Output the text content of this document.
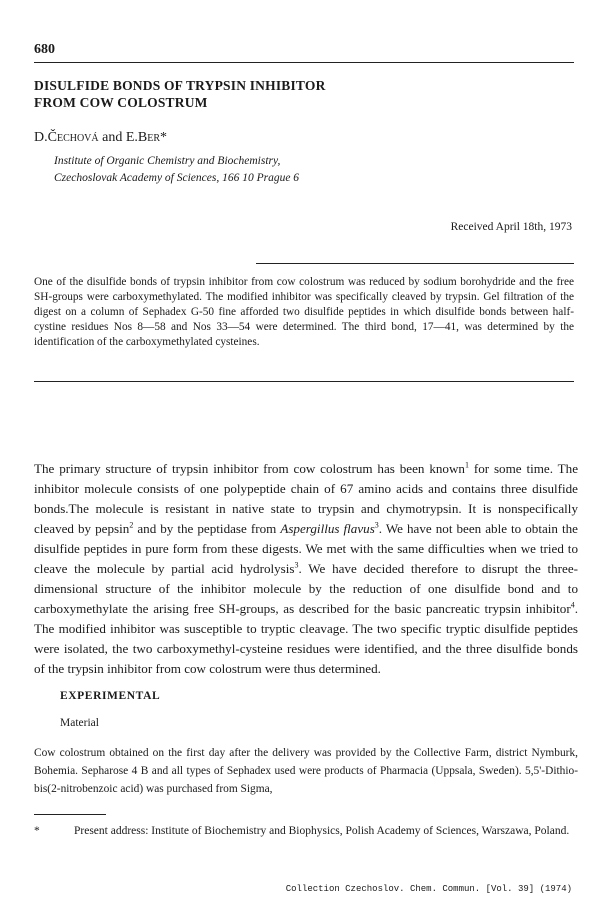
680
DISULFIDE BONDS OF TRYPSIN INHIBITOR
FROM COW COLOSTRUM
D.Čechová and E.Ber*
Institute of Organic Chemistry and Biochemistry,
Czechoslovak Academy of Sciences, 166 10 Prague 6
Received April 18th, 1973

One of the disulfide bonds of trypsin inhibitor from cow colostrum was reduced by sodium borohydride and the free SH-groups were carboxymethylated. The modified inhibitor was specifically cleaved by trypsin. Gel filtration of the digest on a column of Sephadex G-50 fine afforded two disulfide peptides in which disulfide bonds between half-cystine residues Nos 8—58 and Nos 33—54 were determined. The third bond, 17—41, was determined by the identification of the carboxymethylated cysteines.

The primary structure of trypsin inhibitor from cow colostrum has been known$^1$ for some time. The inhibitor molecule consists of one polypeptide chain of 67 amino acids and contains three disulfide bonds.The molecule is resistant in native state to trypsin and chymotrypsin. It is nonspecifically cleaved by pepsin$^2$ and by the peptidase from Aspergillus flavus$^3$. We have not been able to obtain the disulfide peptides in pure form from these digests. We met with the same difficulties when we tried to cleave the molecule by partial acid hydrolysis$^3$. We have decided therefore to disrupt the three-dimensional structure of the inhibitor molecule by the reduction of one disulfide bond and to carboxymethylate the arising free SH-groups, as described for the basic pancreatic trypsin inhibitor$^4$. The modified inhibitor was susceptible to tryptic cleavage. The two specific tryptic disulfide peptides were isolated, the two carboxymethyl-cysteine residues were identified, and the three disulfide bonds of the trypsin inhibitor from cow colostrum were thus determined.

EXPERIMENTAL
Material

Cow colostrum obtained on the first day after the delivery was provided by the Collective Farm, district Nymburk, Bohemia. Sepharose 4 B and all types of Sephadex used were products of Pharmacia (Uppsala, Sweden). 5,5'-Dithio-bis(2-nitrobenzoic acid) was purchased from Sigma,

*	Present address: Institute of Biochemistry and Biophysics, Polish Academy of Sciences, Warszawa, Poland.
Collection Czechoslov. Chem. Commun. [Vol. 39] (1974)
